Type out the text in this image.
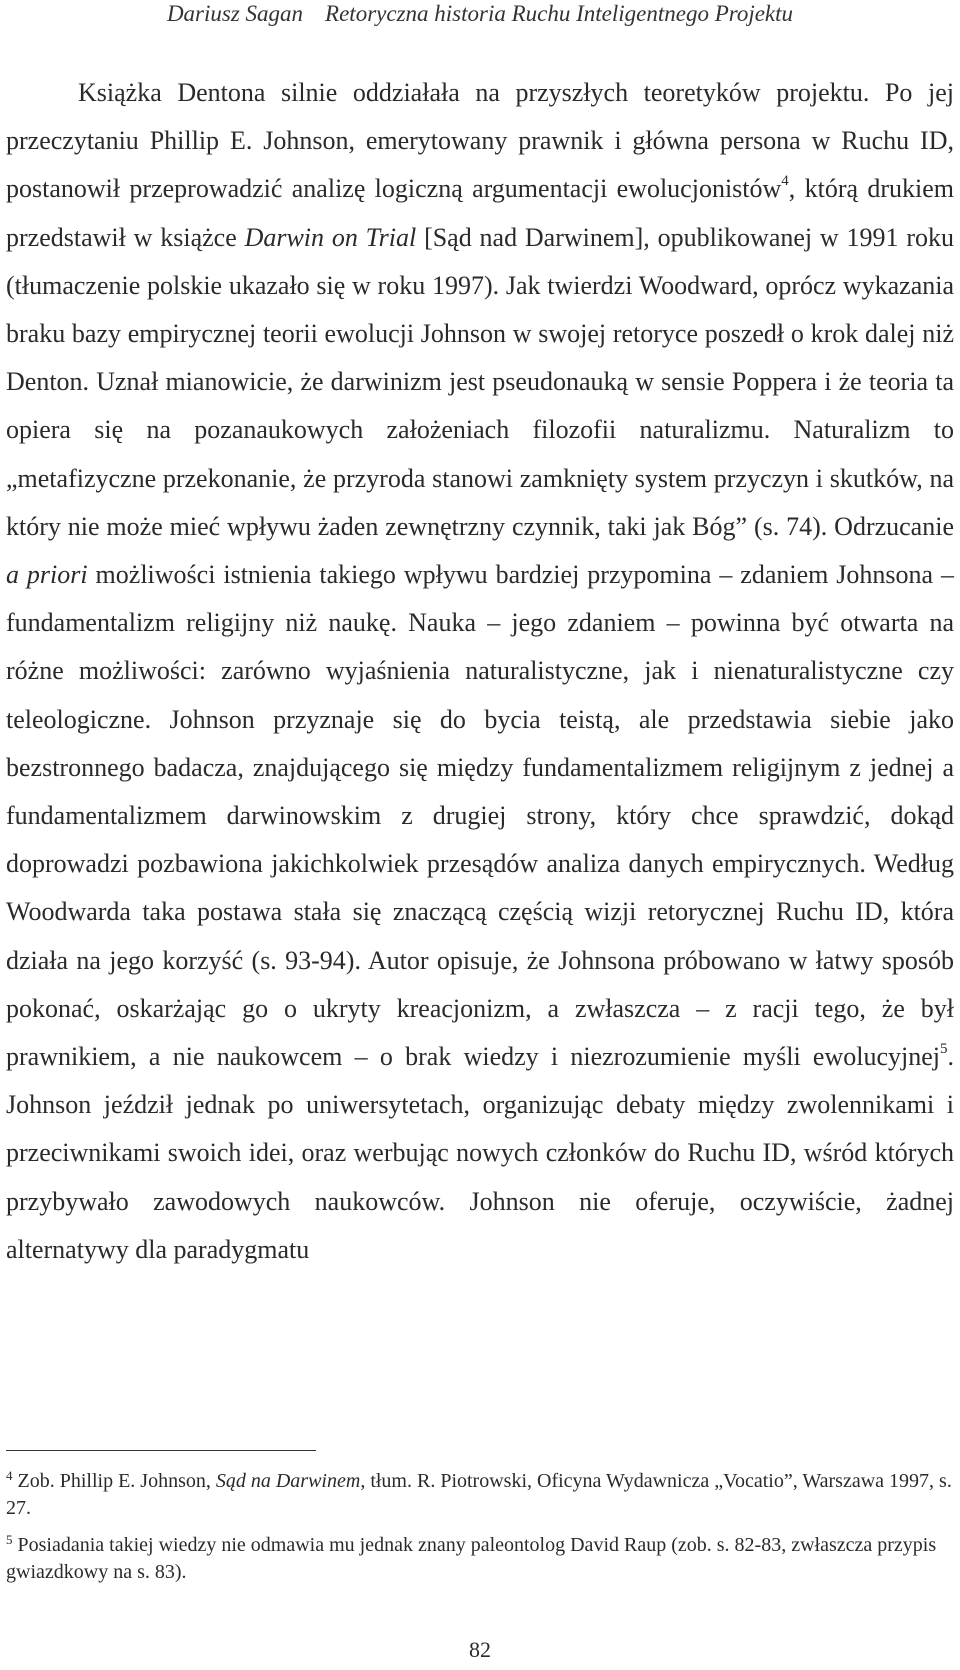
Dariusz Sagan Retoryczna historia Ruchu Inteligentnego Projektu

Książka Dentona silnie oddziałała na przyszłych teoretyków projektu. Po jej przeczytaniu Phillip E. Johnson, emerytowany prawnik i główna persona w Ruchu ID, postanowił przeprowadzić analizę logiczną argumentacji ewolucjonistów$^4$, którą drukiem przedstawił w książce Darwin on Trial [Sąd nad Darwinem], opublikowanej w 1991 roku (tłumaczenie polskie ukazało się w roku 1997). Jak twierdzi Woodward, oprócz wykazania braku bazy empirycznej teorii ewolucji Johnson w swojej retoryce poszedł o krok dalej niż Denton. Uznał mianowicie, że darwinizm jest pseudonauką w sensie Poppera i że teoria ta opiera się na pozanaukowych założeniach filozofii naturalizmu. Naturalizm to „metafizyczne przekonanie, że przyroda stanowi zamknięty system przyczyn i skutków, na który nie może mieć wpływu żaden zewnętrzny czynnik, taki jak Bóg” (s. 74). Odrzucanie a priori możliwości istnienia takiego wpływu bardziej przypomina – zdaniem Johnsona – fundamentalizm religijny niż naukę. Nauka – jego zdaniem – powinna być otwarta na różne możliwości: zarówno wyjaśnienia naturalistyczne, jak i nienaturalistyczne czy teleologiczne. Johnson przyznaje się do bycia teistą, ale przedstawia siebie jako bezstronnego badacza, znajdującego się między fundamentalizmem religijnym z jednej a fundamentalizmem darwinowskim z drugiej strony, który chce sprawdzić, dokąd doprowadzi pozbawiona jakichkolwiek przesądów analiza danych empirycznych. Według Woodwarda taka postawa stała się znaczącą częścią wizji retorycznej Ruchu ID, która działa na jego korzyść (s. 93-94). Autor opisuje, że Johnsona próbowano w łatwy sposób pokonać, oskarżając go o ukryty kreacjonizm, a zwłaszcza – z racji tego, że był prawnikiem, a nie naukowcem – o brak wiedzy i niezrozumienie myśli ewolucyjnej$^5$. Johnson jeździł jednak po uniwersytetach, organizując debaty między zwolennikami i przeciwnikami swoich idei, oraz werbując nowych członków do Ruchu ID, wśród których przybywało zawodowych naukowców. Johnson nie oferuje, oczywiście, żadnej alternatywy dla paradygmatu

$^4$ Zob. Phillip E. Johnson, Sąd na Darwinem, tłum. R. Piotrowski, Oficyna Wydawnicza „Vocatio”, Warszawa 1997, s. 27.

$^5$ Posiadania takiej wiedzy nie odmawia mu jednak znany paleontolog David Raup (zob. s. 82-83, zwłaszcza przypis gwiazdkowy na s. 83).

82
